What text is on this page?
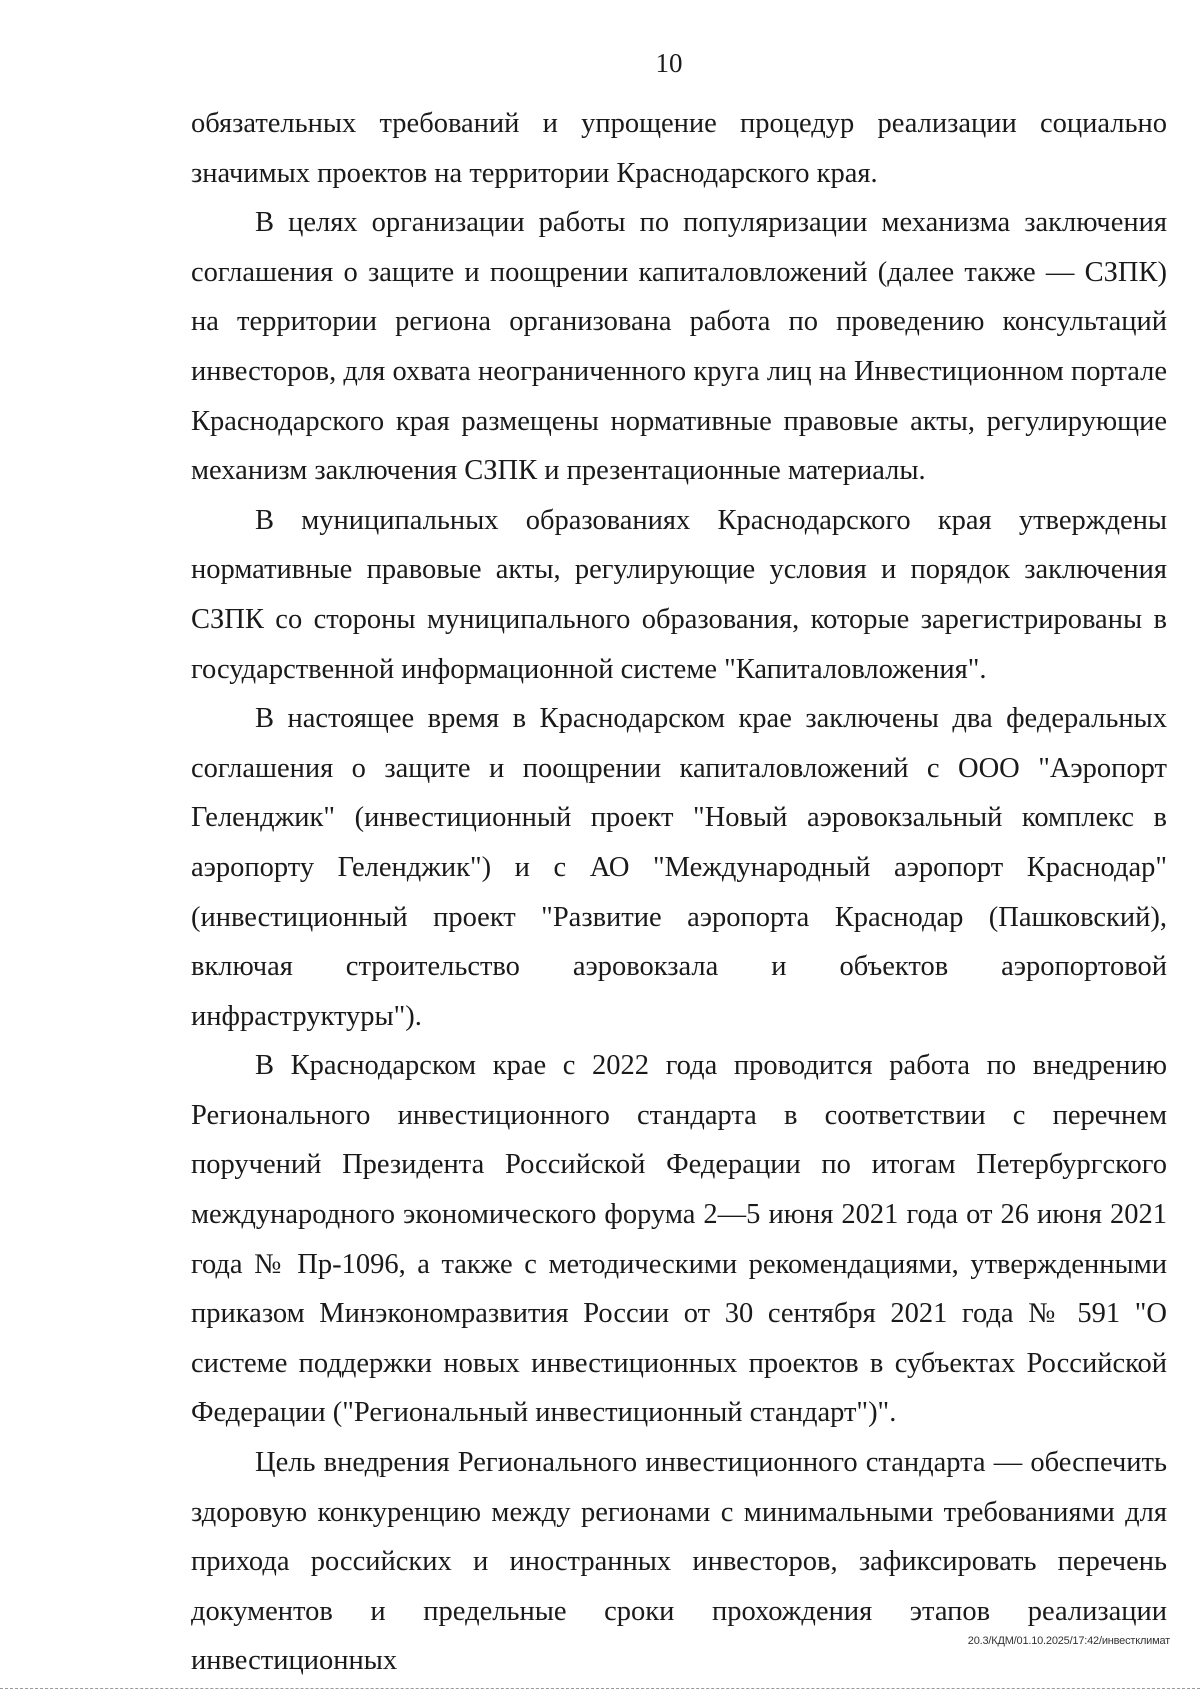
10

обязательных требований и упрощение процедур реализации социально значимых проектов на территории Краснодарского края.

В целях организации работы по популяризации механизма заключения соглашения о защите и поощрении капиталовложений (далее также — СЗПК) на территории региона организована работа по проведению консультаций инвесторов, для охвата неограниченного круга лиц на Инвестиционном портале Краснодарского края размещены нормативные правовые акты, регулирующие механизм заключения СЗПК и презентационные материалы.

В муниципальных образованиях Краснодарского края утверждены нормативные правовые акты, регулирующие условия и порядок заключения СЗПК со стороны муниципального образования, которые зарегистрированы в государственной информационной системе "Капиталовложения".

В настоящее время в Краснодарском крае заключены два федеральных соглашения о защите и поощрении капиталовложений с ООО "Аэропорт Геленджик" (инвестиционный проект "Новый аэровокзальный комплекс в аэропорту Геленджик") и с АО "Международный аэропорт Краснодар" (инвестиционный проект "Развитие аэропорта Краснодар (Пашковский), включая строительство аэровокзала и объектов аэропортовой инфраструктуры").

В Краснодарском крае с 2022 года проводится работа по внедрению Регионального инвестиционного стандарта в соответствии с перечнем поручений Президента Российской Федерации по итогам Петербургского международного экономического форума 2—5 июня 2021 года от 26 июня 2021 года № Пр-1096, а также с методическими рекомендациями, утвержденными приказом Минэкономразвития России от 30 сентября 2021 года № 591 "О системе поддержки новых инвестиционных проектов в субъектах Российской Федерации ("Региональный инвестиционный стандарт")".

Цель внедрения Регионального инвестиционного стандарта — обеспечить здоровую конкуренцию между регионами с минимальными требованиями для прихода российских и иностранных инвесторов, зафиксировать перечень документов и предельные сроки прохождения этапов реализации инвестиционных

20.3/КДМ/01.10.2025/17:42/инвестклимат
